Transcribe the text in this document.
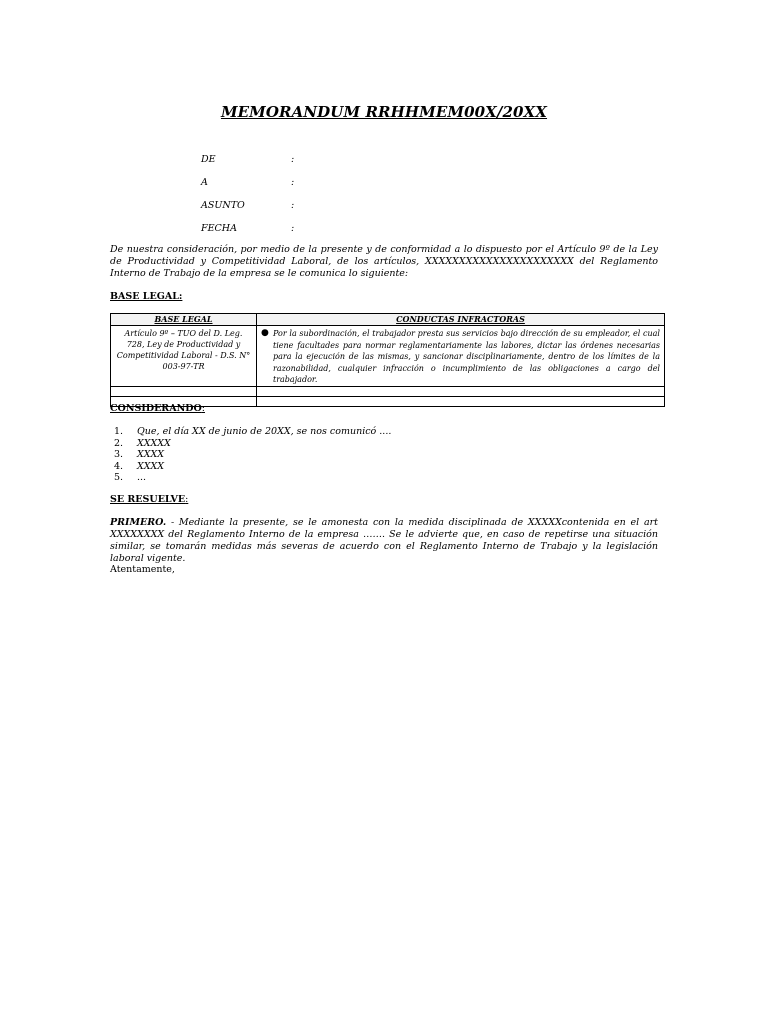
MEMORANDUM RRHHMEM00X/20XX
DE	:
A	:
ASUNTO	:
FECHA	:
De nuestra consideración, por medio de la presente y de conformidad a lo dispuesto por el Artículo 9º de la Ley de Productividad y Competitividad Laboral, de los artículos, XXXXXXXXXXXXXXXXXXXXXX del Reglamento Interno de Trabajo de la empresa se le comunica lo siguiente:
BASE LEGAL:
BASE LEGAL	CONDUCTAS INFRACTORAS
Artículo 9º – TUO del D. Leg. 728, Ley de Productividad y Competitividad Laboral - D.S. N° 003-97-TR	● Por la subordinación, el trabajador presta sus servicios bajo dirección de su empleador, el cual tiene facultades para normar reglamentariamente las labores, dictar las órdenes necesarias para la ejecución de las mismas, y sancionar disciplinariamente, dentro de los límites de la razonabilidad, cualquier infracción o incumplimiento de las obligaciones a cargo del trabajador.

CONSIDERANDO:
1. Que, el día XX de junio de 20XX, se nos comunicó ....
2. XXXXX
3. XXXX
4. XXXX
5. ...
SE RESUELVE:
PRIMERO. - Mediante la presente, se le amonesta con la medida disciplinada de XXXXXcontenida en el art XXXXXXXX del Reglamento Interno de la empresa ……. Se le advierte que, en caso de repetirse una situación similar, se tomarán medidas más severas de acuerdo con el Reglamento Interno de Trabajo y la legislación laboral vigente.
Atentamente,
